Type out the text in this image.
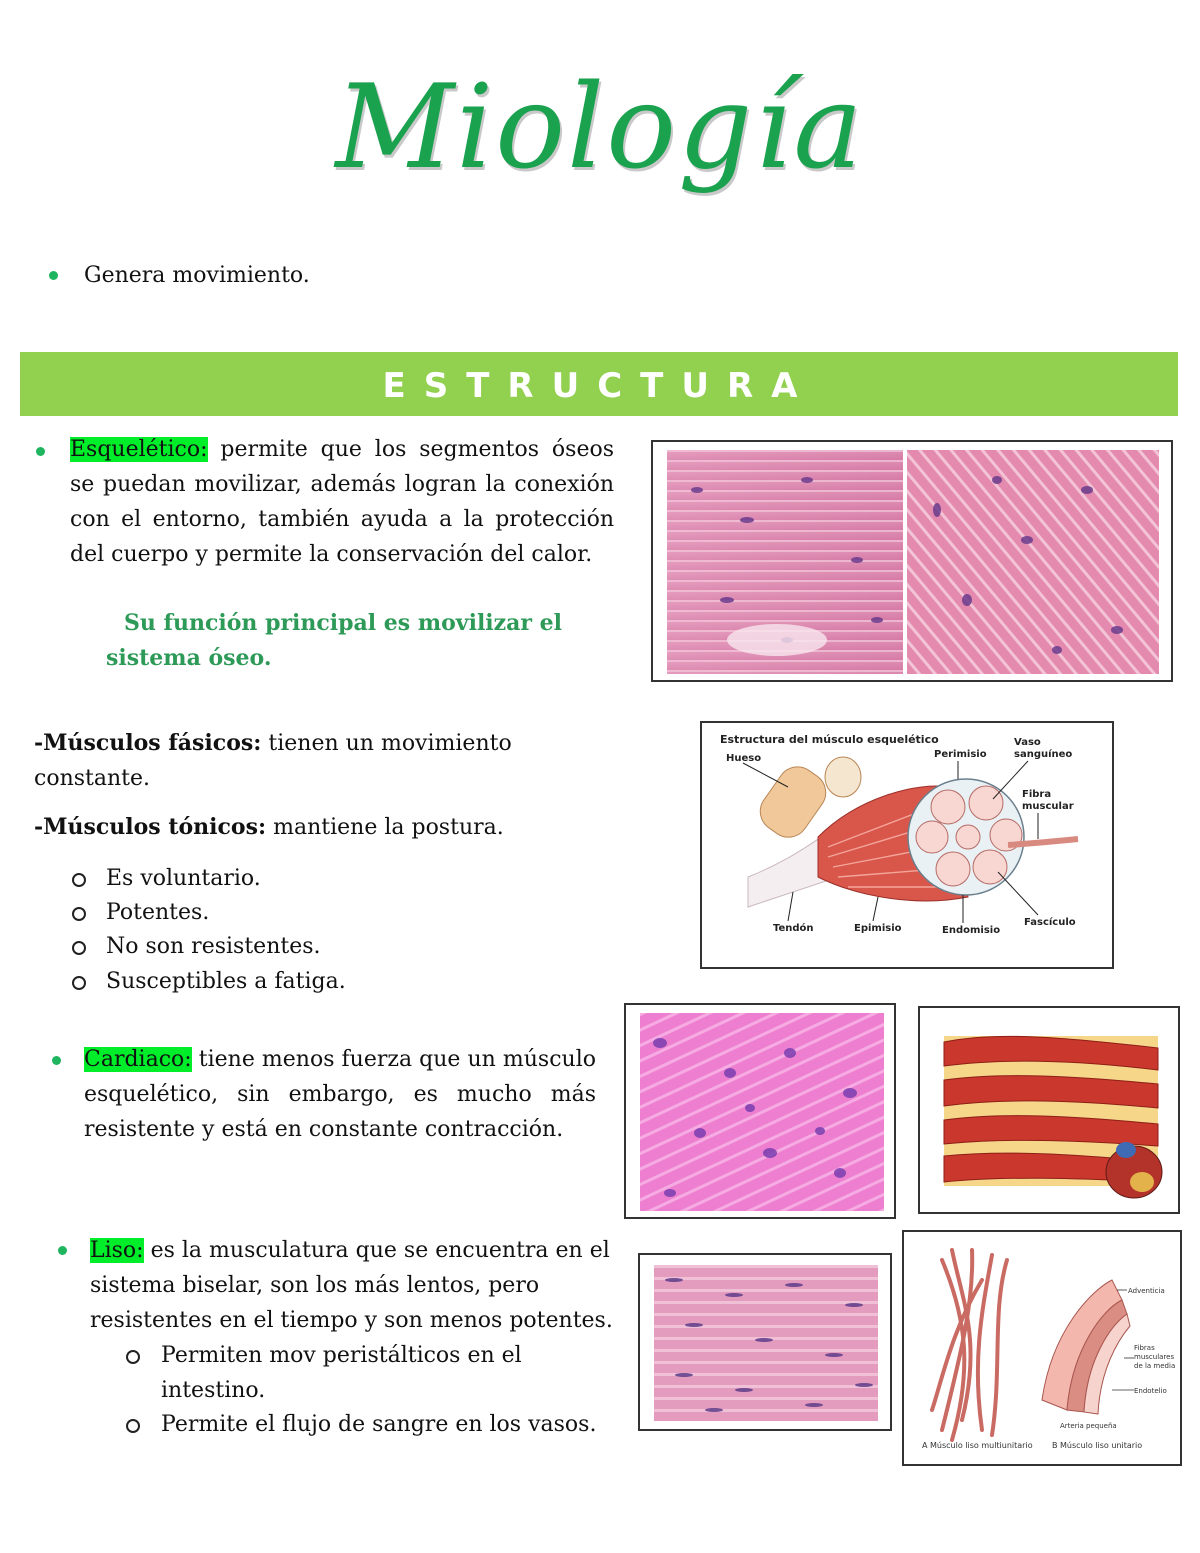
Miología
Genera movimiento.
ESTRUCTURA
Esquelético: permite que los segmentos óseos se puedan movilizar, además logran la conexión con el entorno, también ayuda a la protección del cuerpo y permite la conservación del calor.
Su función principal es movilizar el sistema óseo.
-Músculos fásicos: tienen un movimiento constante.
-Músculos tónicos: mantiene la postura.
Es voluntario.
Potentes.
No son resistentes.
Susceptibles a fatiga.
Estructura del músculo esquelético
Hueso	Perimisio
Vaso
sanguíneo
Fibra
muscular
Tendón	Epimisio	Endomisio
Fascículo
Cardiaco: tiene menos fuerza que un músculo esquelético, sin embargo, es mucho más resistente y está en constante contracción.
Liso: es la musculatura que se encuentra en el sistema biselar, son los más lentos, pero resistentes en el tiempo y son menos potentes.
Permiten mov peristálticos en el intestino.
Permite el flujo de sangre en los vasos.
Adventicia
Fibras
musculares
de la media
Endotelio
Arteria pequeña
A Músculo liso multiunitario B Músculo liso unitario
